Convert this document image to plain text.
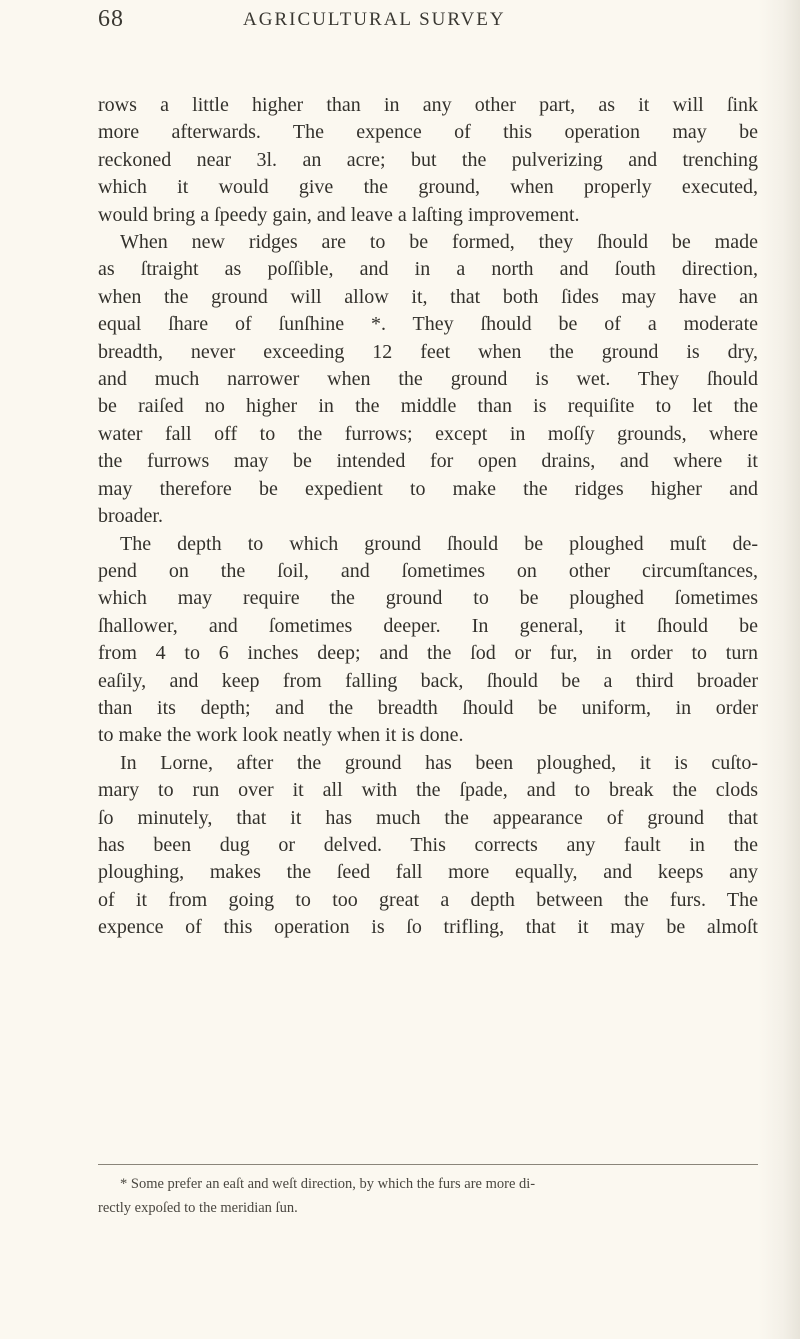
68	AGRICULTURAL SURVEY

rows a little higher than in any other part, as it will ſink

more afterwards. The expence of this operation may be

reckoned near 3l. an acre; but the pulverizing and trenching

which it would give the ground, when properly executed,

would bring a ſpeedy gain, and leave a laſting improvement.

When new ridges are to be formed, they ſhould be made

as ſtraight as poſſible, and in a north and ſouth direction,

when the ground will allow it, that both ſides may have an

equal ſhare of ſunſhine *. They ſhould be of a moderate

breadth, never exceeding 12 feet when the ground is dry,

and much narrower when the ground is wet. They ſhould

be raiſed no higher in the middle than is requiſite to let the

water fall off to the furrows; except in moſſy grounds, where

the furrows may be intended for open drains, and where it

may therefore be expedient to make the ridges higher and

broader.

The depth to which ground ſhould be ploughed muſt de-

pend on the ſoil, and ſometimes on other circumſtances,

which may require the ground to be ploughed ſometimes

ſhallower, and ſometimes deeper. In general, it ſhould be

from 4 to 6 inches deep; and the ſod or fur, in order to turn

eaſily, and keep from falling back, ſhould be a third broader

than its depth; and the breadth ſhould be uniform, in order

to make the work look neatly when it is done.

In Lorne, after the ground has been ploughed, it is cuſto-

mary to run over it all with the ſpade, and to break the clods

ſo minutely, that it has much the appearance of ground that

has been dug or delved. This corrects any fault in the

ploughing, makes the ſeed fall more equally, and keeps any

of it from going to too great a depth between the furs. The

expence of this operation is ſo trifling, that it may be almoſt

* Some prefer an eaſt and weſt direction, by which the furs are more di-

rectly expoſed to the meridian ſun.
